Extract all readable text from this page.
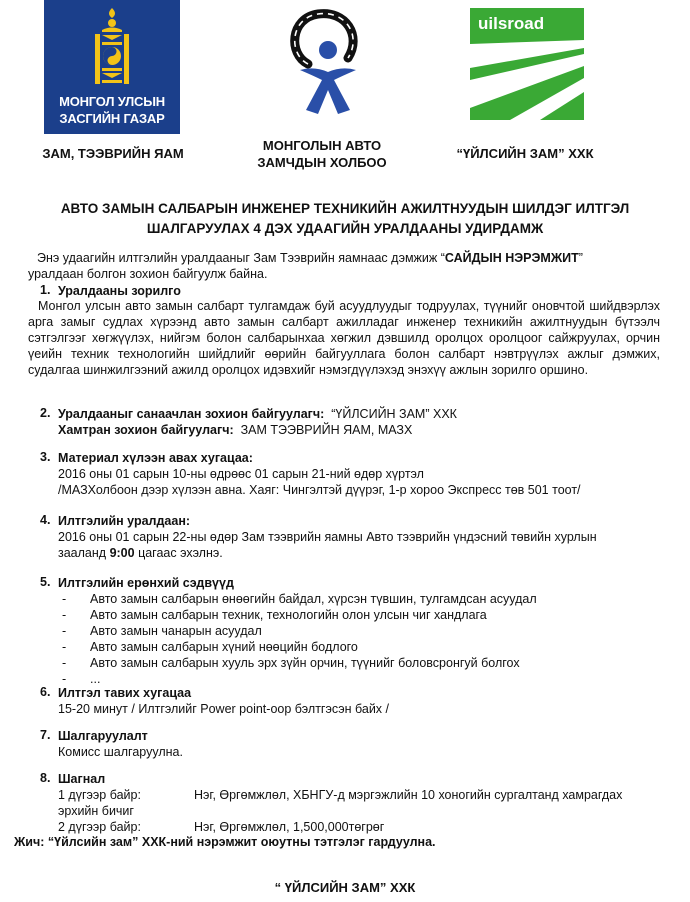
МОНГОЛ УЛСЫН
ЗАСГИЙН ГАЗАР
uilsroad
ЗАМ, ТЭЭВРИЙН ЯАМ
МОНГОЛЫН АВТО
ЗАМЧДЫН ХОЛБОО
“ҮЙЛСИЙН ЗАМ” ХХК
АВТО ЗАМЫН САЛБАРЫН ИНЖЕНЕР ТЕХНИКИЙН АЖИЛТНУУДЫН ШИЛДЭГ ИЛТГЭЛ
ШАЛГАРУУЛАХ 4 ДЭХ УДААГИЙН УРАЛДААНЫ УДИРДАМЖ
Энэ удаагийн илтгэлийн уралдааныг Зам Тээврийн яамнаас дэмжиж “САЙДЫН НЭРЭМЖИТ”
уралдаан болгон зохион байгуулж байна.
1. Уралдааны зорилго
Монгол улсын авто замын салбарт тулгамдаж буй асуудлуудыг тодруулах, түүнийг оновчтой шийдвэрлэх арга замыг судлах хүрээнд авто замын салбарт ажилладаг инженер техникийн ажилтнуудын бүтээлч сэтгэлгээг хөгжүүлэх, нийгэм болон салбарынхаа хөгжил дэвшилд оролцох оролцоог сайжруулах, орчин үеийн техник технологийн шийдлийг өөрийн байгууллага болон салбарт нэвтрүүлэх ажлыг дэмжих, судалгаа шинжилгээний ажилд оролцох идэвхийг нэмэгдүүлэхэд энэхүү ажлын зорилго оршино.
2. Уралдааныг санаачлан зохион байгуулагч: “ҮЙЛСИЙН ЗАМ” ХХК
Хамтран зохион байгуулагч: ЗАМ ТЭЭВРИЙН ЯАМ, МАЗХ
3. Материал хүлээн авах хугацаа:
2016 оны 01 сарын 10-ны өдрөөс 01 сарын 21-ний өдөр хүртэл
/МАЗХолбоон дээр хүлээн авна. Хаяг: Чингэлтэй дүүрэг, 1-р хороо Экспресс төв 501 тоот/
4. Илтгэлийн уралдаан:
2016 оны 01 сарын 22-ны өдөр Зам тээврийн яамны Авто тээврийн үндэсний төвийн хурлын
зааланд 9:00 цагаас эхэлнэ.
5. Илтгэлийн ерөнхий сэдвүүд
- Авто замын салбарын өнөөгийн байдал, хүрсэн түвшин, тулгамдсан асуудал
- Авто замын салбарын техник, технологийн олон улсын чиг хандлага
- Авто замын чанарын асуудал
- Авто замын салбарын хүний нөөцийн бодлого
- Авто замын салбарын хууль эрх зүйн орчин, түүнийг боловсронгуй болгох
- ...
6. Илтгэл тавих хугацаа
15-20 минут / Илтгэлийг Power point-оор бэлтгэсэн байх /
7. Шалгаруулалт
Комисс шалгаруулна.
8. Шагнал
1 дүгээр байр:	Нэг, Өргөмжлөл, ХБНГУ-д мэргэжлийн 10 хоногийн сургалтанд хамрагдах
эрхийн бичиг
2 дүгээр байр:	Нэг, Өргөмжлөл, 1,500,000төгрөг
Жич: “Үйлсийн зам” ХХК-ний нэрэмжит оюутны тэтгэлэг гардуулна.
“ ҮЙЛСИЙН ЗАМ” ХХК
